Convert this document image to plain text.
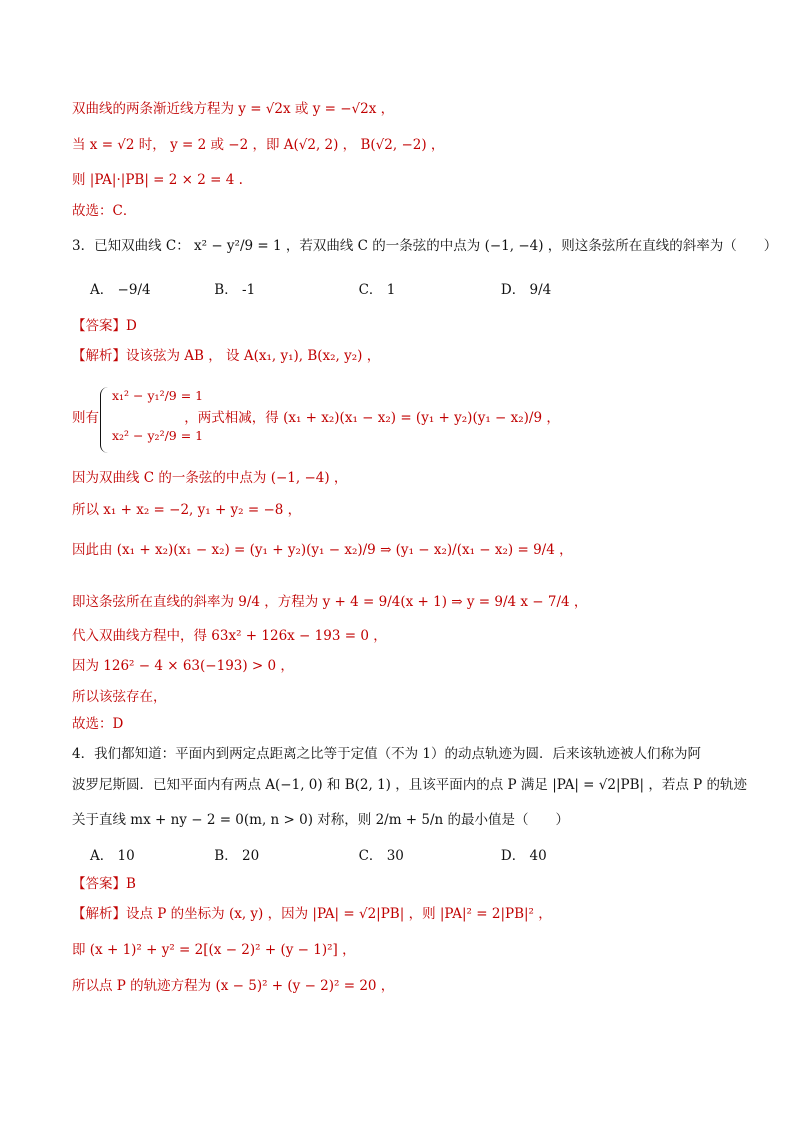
双曲线的两条渐近线方程为 y = √2x 或 y = −√2x ，
当 x = √2 时， y = 2 或 −2 ，即 A(√2, 2) ， B(√2, −2) ，
则 |PA|·|PB| = 2 × 2 = 4 .
故选：C．
3．已知双曲线 C： x² − y²/9 = 1 ，若双曲线 C 的一条弦的中点为 (−1, −4) ，则这条弦所在直线的斜率为（　　）
A． −9/4	B． -1	C． 1	D． 9/4
【答案】D
【解析】设该弦为 AB ， 设 A(x₁, y₁), B(x₂, y₂) ，
x₁² − y₁²/9 = 1
x₂² − y₂²/9 = 1
则有　　　　　　 ，两式相减，得 (x₁ + x₂)(x₁ − x₂) = (y₁ + y₂)(y₁ − x₂)/9 ，
因为双曲线 C 的一条弦的中点为 (−1, −4) ，
所以 x₁ + x₂ = −2, y₁ + y₂ = −8 ，
因此由 (x₁ + x₂)(x₁ − x₂) = (y₁ + y₂)(y₁ − x₂)/9 ⇒ (y₁ − x₂)/(x₁ − x₂) = 9/4 ，
即这条弦所在直线的斜率为 9/4 ，方程为 y + 4 = 9/4(x + 1) ⇒ y = 9/4 x − 7/4 ，
代入双曲线方程中，得 63x² + 126x − 193 = 0 ，
因为 126² − 4 × 63(−193) > 0 ，
所以该弦存在，
故选：D
4．我们都知道：平面内到两定点距离之比等于定值（不为 1）的动点轨迹为圆．后来该轨迹被人们称为阿
波罗尼斯圆．已知平面内有两点 A(−1, 0) 和 B(2, 1) ，且该平面内的点 P 满足 |PA| = √2|PB| ，若点 P 的轨迹
关于直线 mx + ny − 2 = 0(m, n > 0) 对称，则 2/m + 5/n 的最小值是（　　）
A． 10	B． 20	C． 30	D． 40
【答案】B
【解析】设点 P 的坐标为 (x, y) ，因为 |PA| = √2|PB| ，则 |PA|² = 2|PB|² ，
即 (x + 1)² + y² = 2[(x − 2)² + (y − 1)²] ，
所以点 P 的轨迹方程为 (x − 5)² + (y − 2)² = 20 ，
